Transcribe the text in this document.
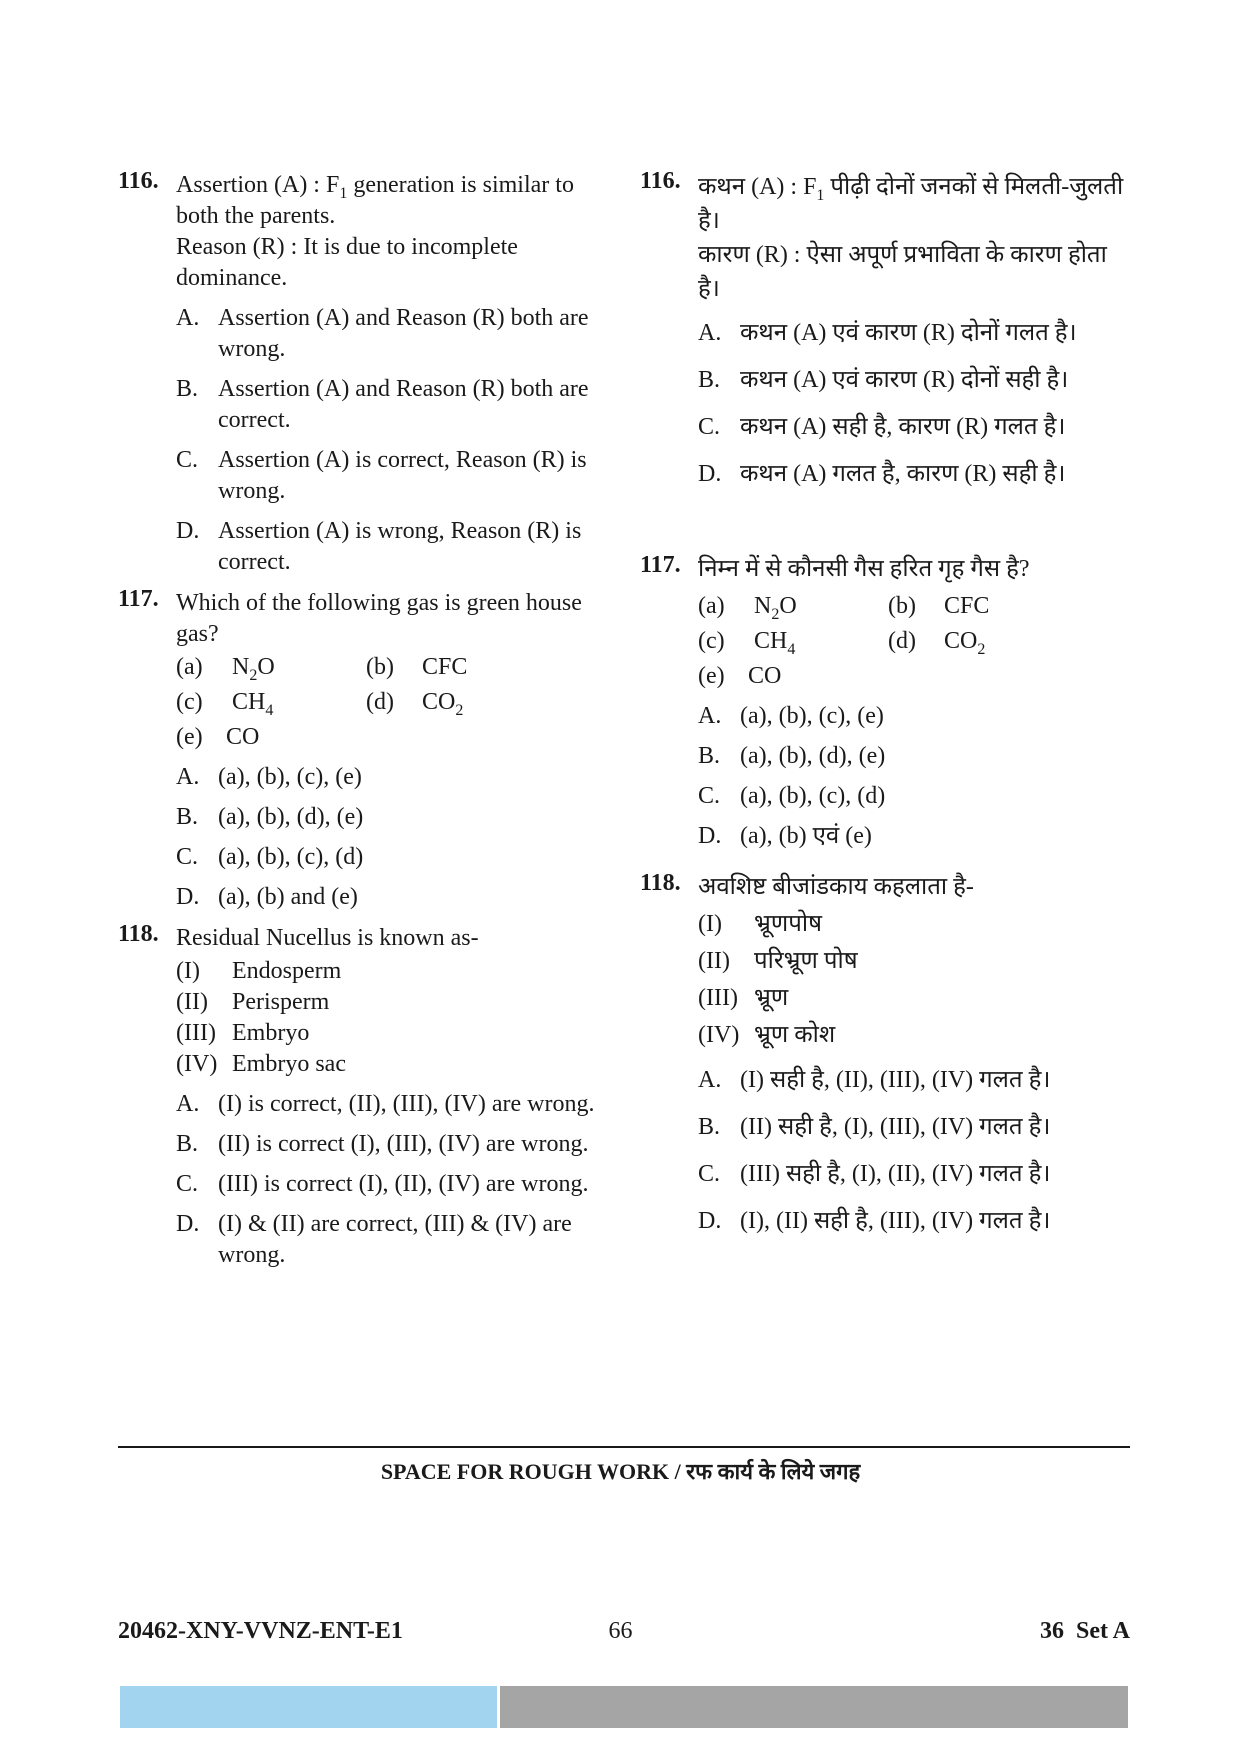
116. Assertion (A) : $F_1$ generation is similar to both the parents.

Reason (R) : It is due to incomplete dominance.

A. Assertion (A) and Reason (R) both are wrong.
B. Assertion (A) and Reason (R) both are correct.
C. Assertion (A) is correct, Reason (R) is wrong.
D. Assertion (A) is wrong, Reason (R) is correct.
117. Which of the following gas is green house gas?

(a)	$N_2O$	(b)	CFC
(c)	$CH_4$	(d)	$CO_2$
(e) CO
A. (a), (b), (c), (e)
B. (a), (b), (d), (e)
C. (a), (b), (c), (d)
D. (a), (b) and (e)
118. Residual Nucellus is known as-

(I)	Endosperm
(II)	Perisperm
(III) Embryo
(IV) Embryo sac
A. (I) is correct, (II), (III), (IV) are wrong.
B. (II) is correct (I), (III), (IV) are wrong.
C. (III) is correct (I), (II), (IV) are wrong.
D. (I) & (II) are correct, (III) & (IV) are wrong.
116. कथन (A) : $F_1$ पीढ़ी दोनों जनकों से मिलती-जुलती है।

कारण (R) : ऐसा अपूर्ण प्रभाविता के कारण होता है।

A. कथन (A) एवं कारण (R) दोनों गलत है।
B. कथन (A) एवं कारण (R) दोनों सही है।
C. कथन (A) सही है, कारण (R) गलत है।
D. कथन (A) गलत है, कारण (R) सही है।
117. निम्न में से कौनसी गैस हरित गृह गैस है?

(a)	$N_2O$	(b)	CFC
(c)	$CH_4$	(d)	$CO_2$
(e) CO
A. (a), (b), (c), (e)
B. (a), (b), (d), (e)
C. (a), (b), (c), (d)
D. (a), (b) एवं (e)
118. अवशिष्ट बीजांडकाय कहलाता है-

(I)	भ्रूणपोष
(II)	परिभ्रूण पोष
(III) भ्रूण
(IV) भ्रूण कोश
A. (I) सही है, (II), (III), (IV) गलत है।
B. (II) सही है, (I), (III), (IV) गलत है।
C. (III) सही है, (I), (II), (IV) गलत है।
D. (I), (II) सही है, (III), (IV) गलत है।
SPACE FOR ROUGH WORK / रफ कार्य के लिये जगह
20462-XNY-VVNZ-ENT-E1	66	36  Set A
